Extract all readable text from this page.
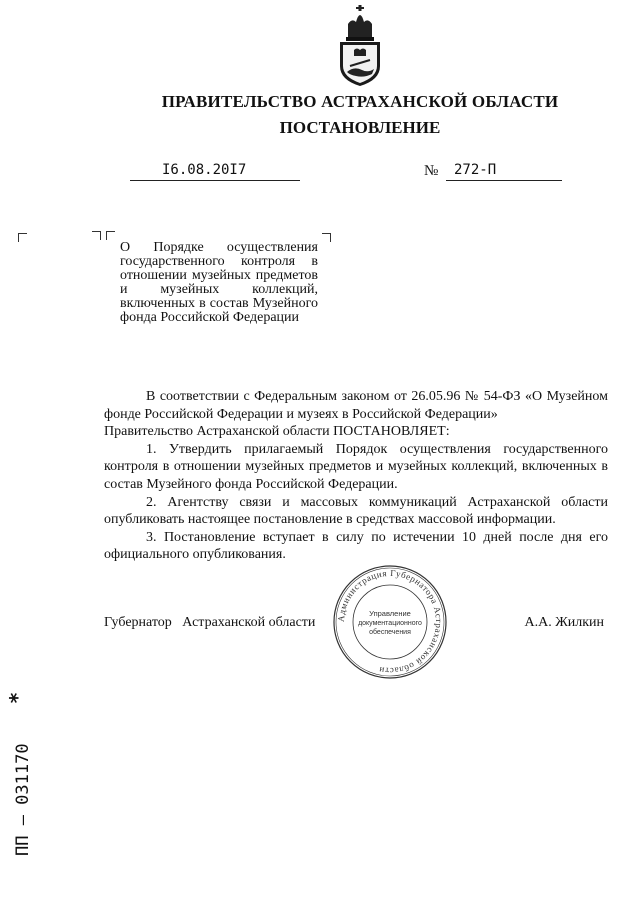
ПРАВИТЕЛЬСТВО АСТРАХАНСКОЙ ОБЛАСТИ
ПОСТАНОВЛЕНИЕ
I6.08.20I7	№	272-П

О Порядке осуществления государственного контроля в отношении музейных предметов и музейных коллекций, включенных в состав Музейного фонда Российской Федерации

В соответствии с Федеральным законом от 26.05.96 № 54-ФЗ «О Музейном фонде Российской Федерации и музеях в Российской Федерации»

Правительство Астраханской области ПОСТАНОВЛЯЕТ:

1. Утвердить прилагаемый Порядок осуществления государственного контроля в отношении музейных предметов и музейных коллекций, включенных в состав Музейного фонда Российской Федерации.

2. Агентству связи и массовых коммуникаций Астраханской области опубликовать настоящее постановление в средствах массовой информации.

3. Постановление вступает в силу по истечении 10 дней после дня его официального опубликования.

Губернатор   Астраханской области	А.А. Жилкин
Администрация Губернатора Астраханской области
Управление
документационного
обеспечения
*
ПП – 031170
